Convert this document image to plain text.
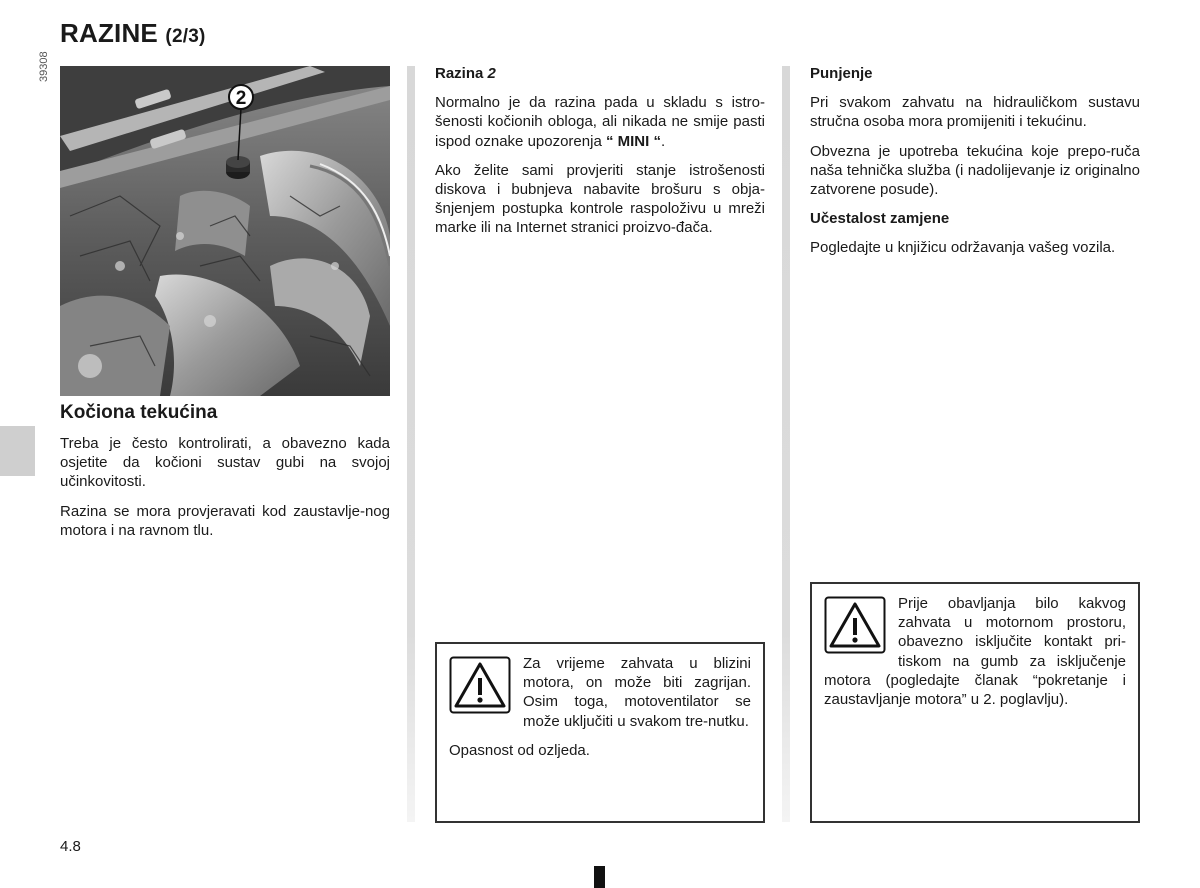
RAZINE (2/3)
39308
2
Kočiona tekućina

Treba je često kontrolirati, a obavezno kada osjetite da kočioni sustav gubi na svojoj učinkovitosti.

Razina se mora provjeravati kod zaustavlje-nog motora i na ravnom tlu.

Razina 2

Normalno je da razina pada u skladu s istro-šenosti kočionih obloga, ali nikada ne smije pasti ispod oznake upozorenja “ MINI “.

Ako želite sami provjeriti stanje istrošenosti diskova i bubnjeva nabavite brošuru s obja-šnjenjem postupka kontrole raspoloživu u mreži marke ili na Internet stranici proizvo-đača.

Za vrijeme zahvata u blizini motora, on može biti zagrijan. Osim toga, motoventilator se može uključiti u svakom tre-nutku.

Opasnost od ozljeda.

Punjenje

Pri svakom zahvatu na hidrauličkom sustavu stručna osoba mora promijeniti i tekućinu.

Obvezna je upotreba tekućina koje prepo-ruča naša tehnička služba (i nadolijevanje iz originalno zatvorene posude).

Učestalost zamjene

Pogledajte u knjižicu održavanja vašeg vozila.

Prije obavljanja bilo kakvog zahvata u motornom prostoru, obavezno isključite kontakt pri-tiskom na gumb za isključenje motora (pogledajte članak “pokretanje i zaustavljanje motora” u 2. poglavlju).

4.8
